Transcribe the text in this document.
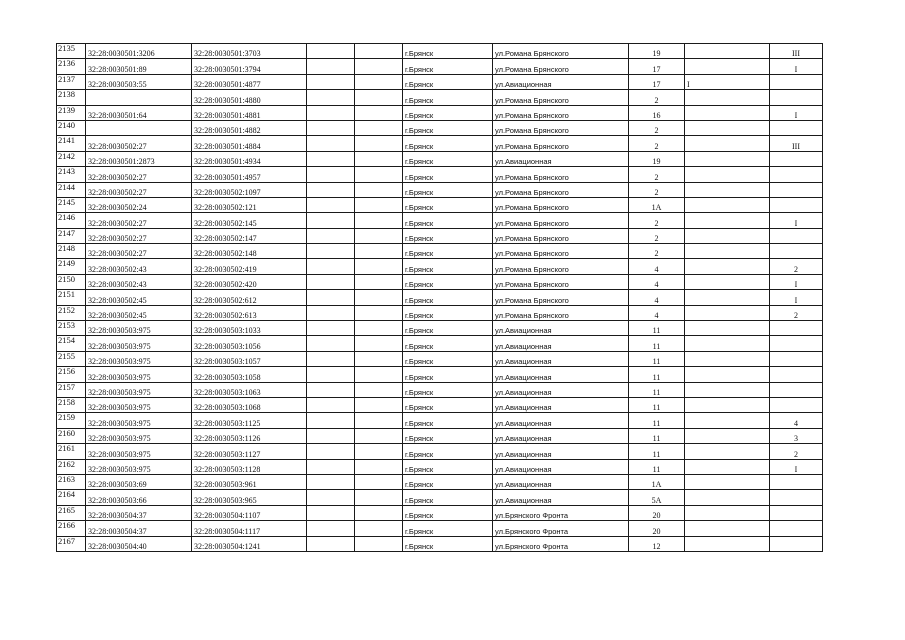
2135	32:28:0030501:3206	32:28:0030501:3703			г.Брянск	ул.Романа Брянского	19		III
2136	32:28:0030501:89	32:28:0030501:3794			г.Брянск	ул.Романа Брянского	17		I
2137	32:28:0030503:55	32:28:0030501:4877			г.Брянск	ул.Авиационная	17	I	
2138		32:28:0030501:4880			г.Брянск	ул.Романа Брянского	2		
2139	32:28:0030501:64	32:28:0030501:4881			г.Брянск	ул.Романа Брянского	16		I
2140		32:28:0030501:4882			г.Брянск	ул.Романа Брянского	2		
2141	32:28:0030502:27	32:28:0030501:4884			г.Брянск	ул.Романа Брянского	2		III
2142	32:28:0030501:2873	32:28:0030501:4934			г.Брянск	ул.Авиационная	19		
2143	32:28:0030502:27	32:28:0030501:4957			г.Брянск	ул.Романа Брянского	2		
2144	32:28:0030502:27	32:28:0030502:1097			г.Брянск	ул.Романа Брянского	2		
2145	32:28:0030502:24	32:28:0030502:121			г.Брянск	ул.Романа Брянского	1А		
2146	32:28:0030502:27	32:28:0030502:145			г.Брянск	ул.Романа Брянского	2		I
2147	32:28:0030502:27	32:28:0030502:147			г.Брянск	ул.Романа Брянского	2		
2148	32:28:0030502:27	32:28:0030502:148			г.Брянск	ул.Романа Брянского	2		
2149	32:28:0030502:43	32:28:0030502:419			г.Брянск	ул.Романа Брянского	4		2
2150	32:28:0030502:43	32:28:0030502:420			г.Брянск	ул.Романа Брянского	4		I
2151	32:28:0030502:45	32:28:0030502:612			г.Брянск	ул.Романа Брянского	4		I
2152	32:28:0030502:45	32:28:0030502:613			г.Брянск	ул.Романа Брянского	4		2
2153	32:28:0030503:975	32:28:0030503:1033			г.Брянск	ул.Авиационная	11		
2154	32:28:0030503:975	32:28:0030503:1056			г.Брянск	ул.Авиационная	11		
2155	32:28:0030503:975	32:28:0030503:1057			г.Брянск	ул.Авиационная	11		
2156	32:28:0030503:975	32:28:0030503:1058			г.Брянск	ул.Авиационная	11		
2157	32:28:0030503:975	32:28:0030503:1063			г.Брянск	ул.Авиационная	11		
2158	32:28:0030503:975	32:28:0030503:1068			г.Брянск	ул.Авиационная	11		
2159	32:28:0030503:975	32:28:0030503:1125			г.Брянск	ул.Авиационная	11		4
2160	32:28:0030503:975	32:28:0030503:1126			г.Брянск	ул.Авиационная	11		3
2161	32:28:0030503:975	32:28:0030503:1127			г.Брянск	ул.Авиационная	11		2
2162	32:28:0030503:975	32:28:0030503:1128			г.Брянск	ул.Авиационная	11		I
2163	32:28:0030503:69	32:28:0030503:961			г.Брянск	ул.Авиационная	1А		
2164	32:28:0030503:66	32:28:0030503:965			г.Брянск	ул.Авиационная	5А		
2165	32:28:0030504:37	32:28:0030504:1107			г.Брянск	ул.Брянского Фронта	20		
2166	32:28:0030504:37	32:28:0030504:1117			г.Брянск	ул.Брянского Фронта	20		
2167	32:28:0030504:40	32:28:0030504:1241			г.Брянск	ул.Брянского Фронта	12		
